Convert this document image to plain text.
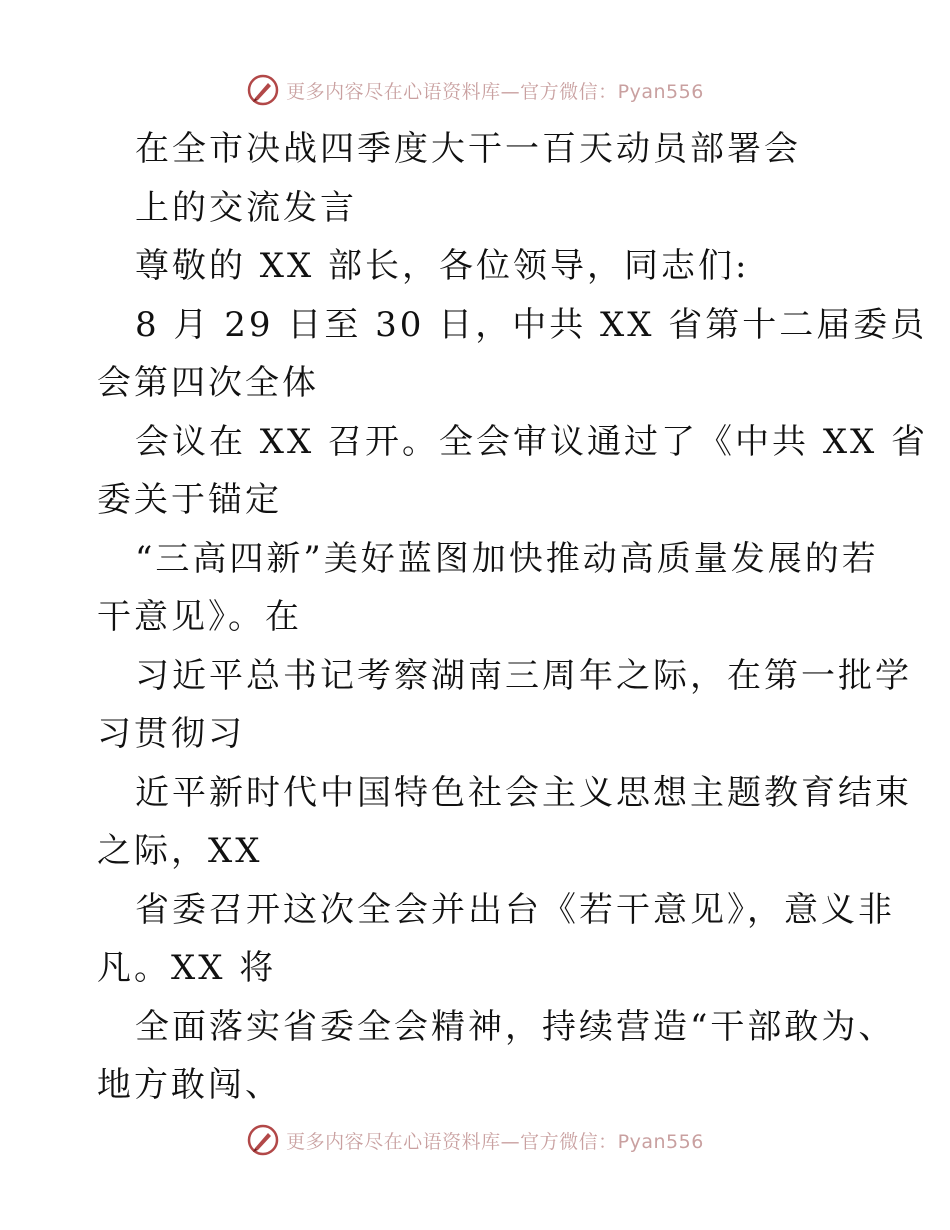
更多内容尽在心语资料库—官方微信：Pyan556
在全市决战四季度大干一百天动员部署会
上的交流发言
尊敬的 XX 部长，各位领导，同志们:
8 月 29 日至 30 日，中共 XX 省第十二届委员
会第四次全体
会议在 XX 召开。全会审议通过了《中共 XX 省
委关于锚定
“三高四新”美好蓝图加快推动高质量发展的若
干意见》。在
习近平总书记考察湖南三周年之际，在第一批学
习贯彻习
近平新时代中国特色社会主义思想主题教育结束
之际，XX
省委召开这次全会并出台《若干意见》，意义非
凡。XX 将
全面落实省委全会精神，持续营造“干部敢为、
地方敢闯、
更多内容尽在心语资料库—官方微信：Pyan556
